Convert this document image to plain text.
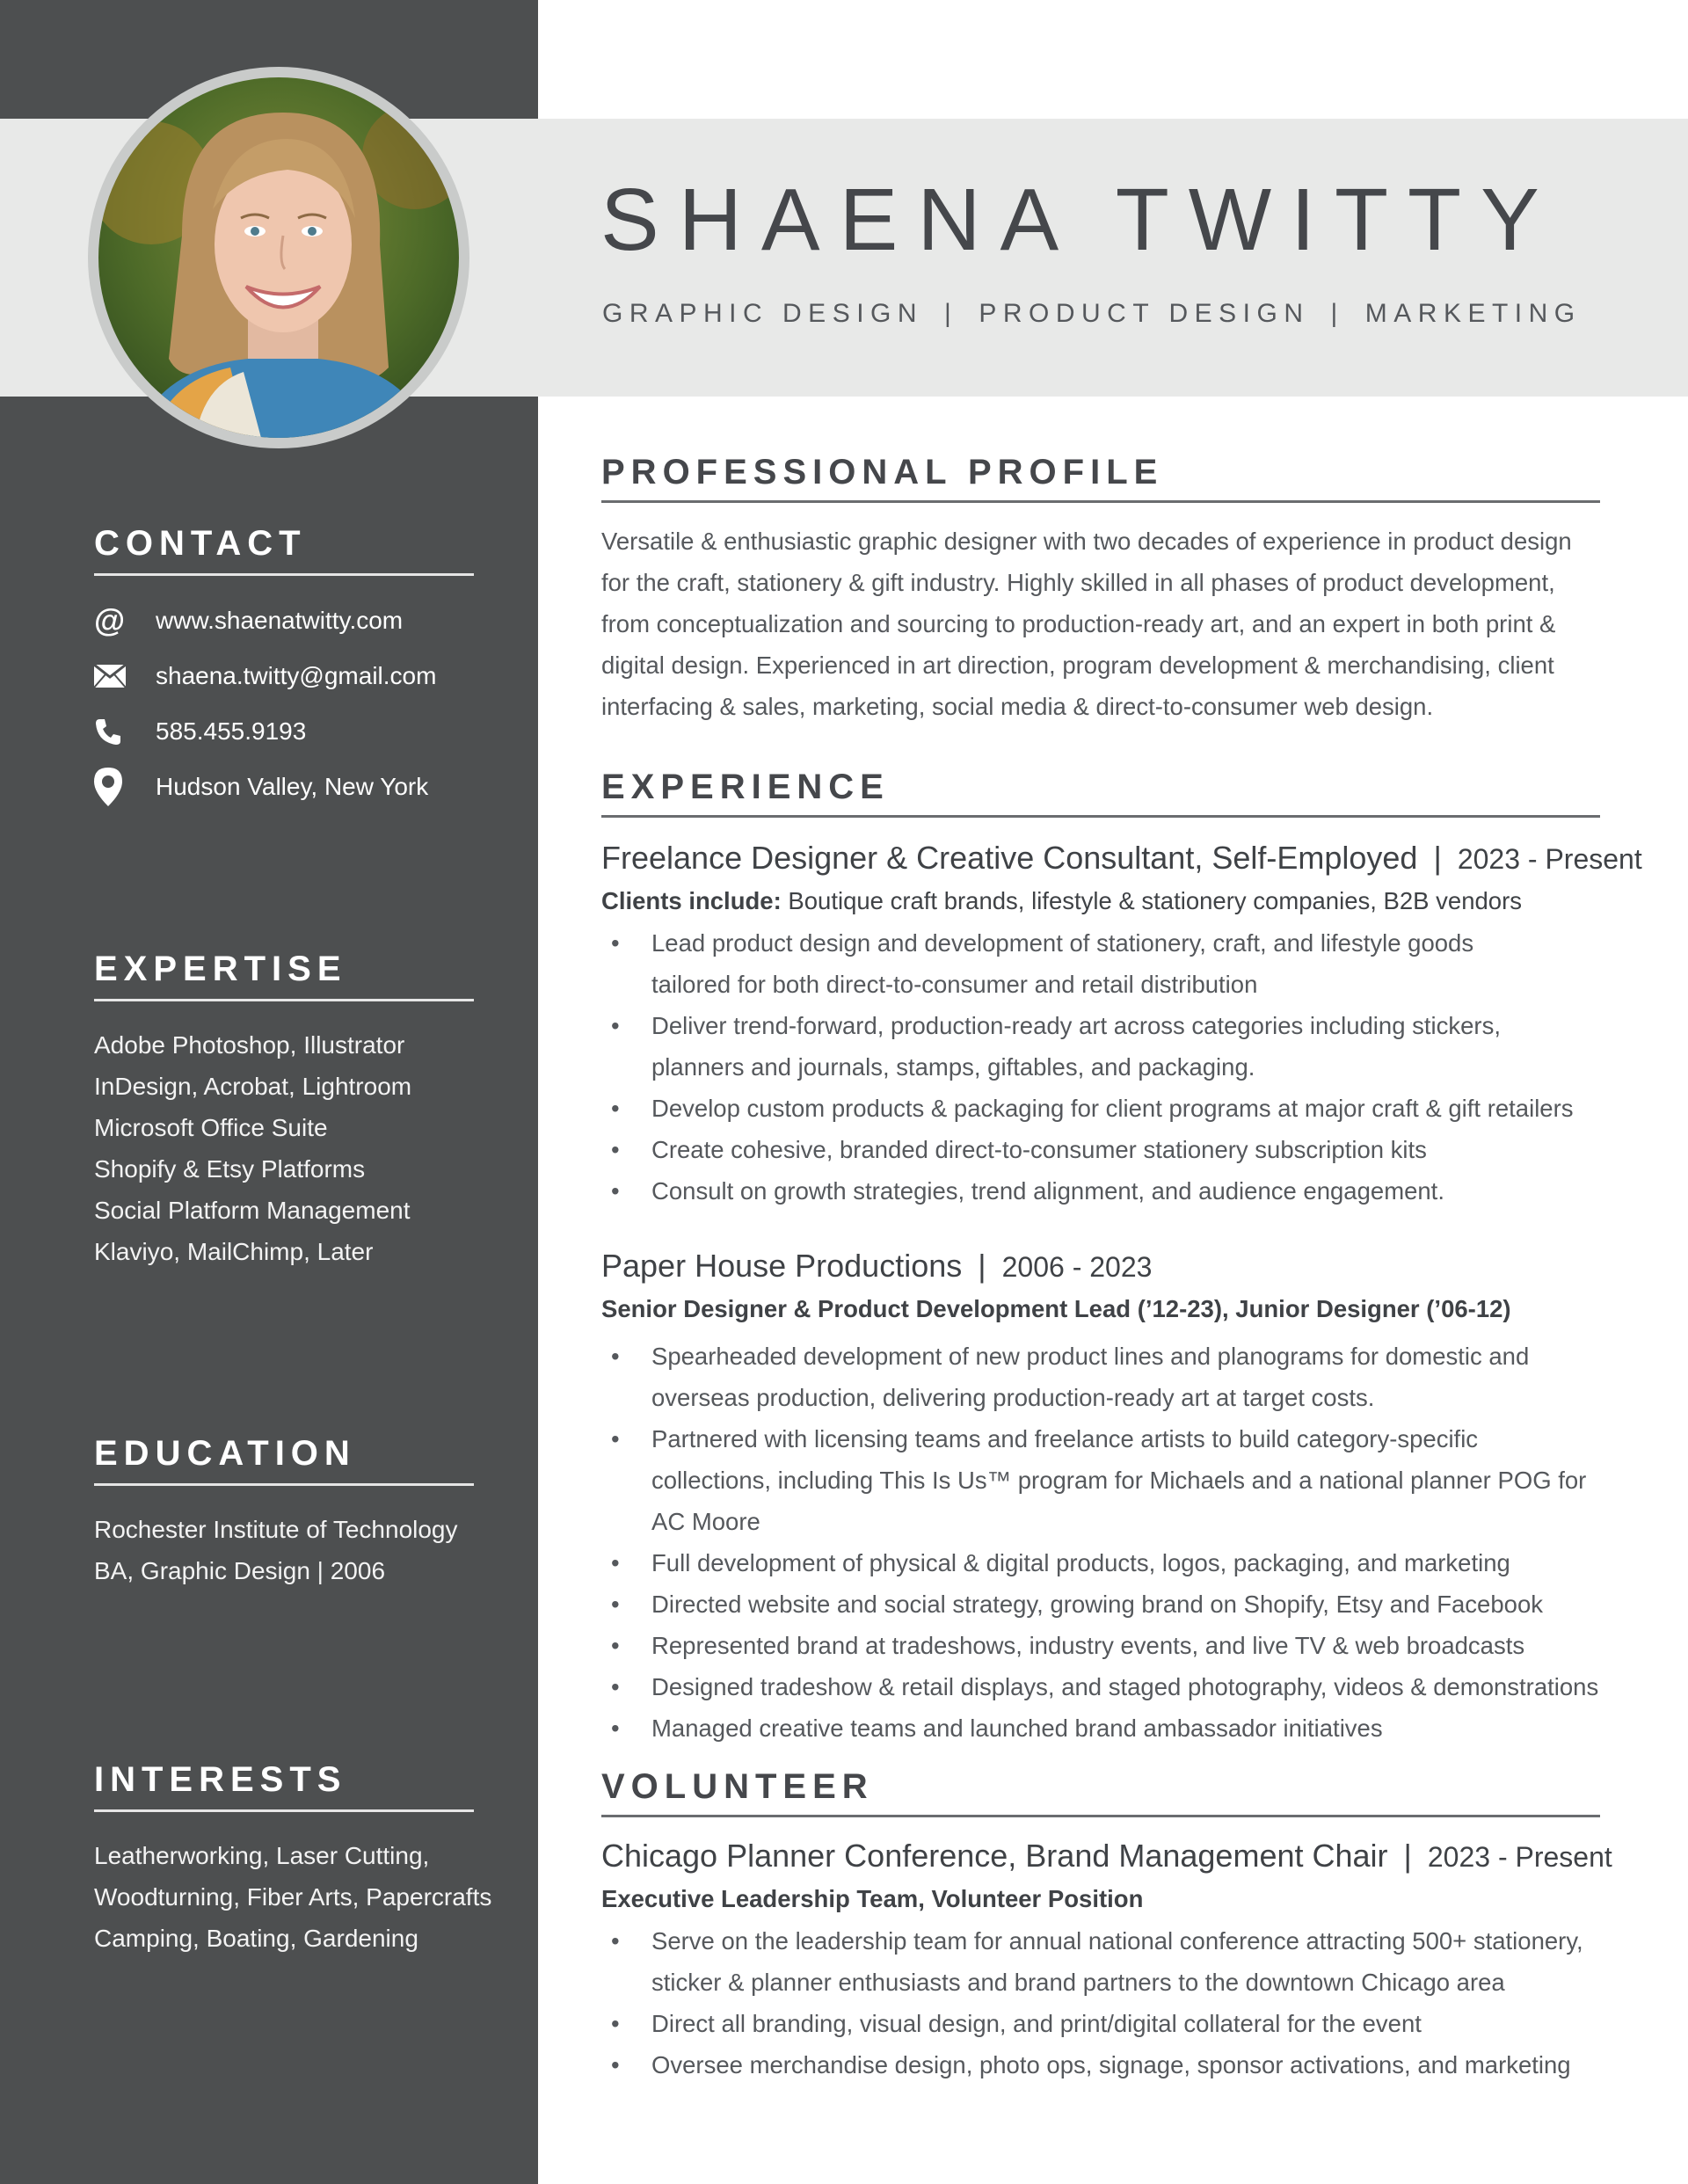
SHAENA TWITTY
GRAPHIC DESIGN | PRODUCT DESIGN | MARKETING
CONTACT
@ www.shaenatwitty.com
shaena.twitty@gmail.com
585.455.9193
Hudson Valley, New York
EXPERTISE
Adobe Photoshop, Illustrator
InDesign, Acrobat, Lightroom
Microsoft Office Suite
Shopify & Etsy Platforms
Social Platform Management
Klaviyo, MailChimp, Later
EDUCATION
Rochester Institute of Technology
BA, Graphic Design | 2006
INTERESTS
Leatherworking, Laser Cutting,
Woodturning, Fiber Arts, Papercrafts
Camping, Boating, Gardening
PROFESSIONAL PROFILE

Versatile & enthusiastic graphic designer with two decades of experience in product design for the craft, stationery & gift industry. Highly skilled in all phases of product development, from conceptualization and sourcing to production-ready art, and an expert in both print & digital design. Experienced in art direction, program development & merchandising, client interfacing & sales, marketing, social media & direct-to-consumer web design.

EXPERIENCE
Freelance Designer & Creative Consultant, Self-Employed | 2023 - Present
Clients include: Boutique craft brands, lifestyle & stationery companies, B2B vendors
• Lead product design and development of stationery, craft, and lifestyle goods tailored for both direct-to-consumer and retail distribution
• Deliver trend-forward, production-ready art across categories including stickers, planners and journals, stamps, giftables, and packaging.
• Develop custom products & packaging for client programs at major craft & gift retailers
• Create cohesive, branded direct-to-consumer stationery subscription kits
• Consult on growth strategies, trend alignment, and audience engagement.
Paper House Productions | 2006 - 2023
Senior Designer & Product Development Lead (’12-23), Junior Designer (’06-12)
• Spearheaded development of new product lines and planograms for domestic and overseas production, delivering production-ready art at target costs.
• Partnered with licensing teams and freelance artists to build category-specific collections, including This Is Us™ program for Michaels and a national planner POG for AC Moore
• Full development of physical & digital products, logos, packaging, and marketing
• Directed website and social strategy, growing brand on Shopify, Etsy and Facebook
• Represented brand at tradeshows, industry events, and live TV & web broadcasts
• Designed tradeshow & retail displays, and staged photography, videos & demonstrations
• Managed creative teams and launched brand ambassador initiatives
VOLUNTEER
Chicago Planner Conference, Brand Management Chair | 2023 - Present
Executive Leadership Team, Volunteer Position
• Serve on the leadership team for annual national conference attracting 500+ stationery, sticker & planner enthusiasts and brand partners to the downtown Chicago area
• Direct all branding, visual design, and print/digital collateral for the event
• Oversee merchandise design, photo ops, signage, sponsor activations, and marketing
